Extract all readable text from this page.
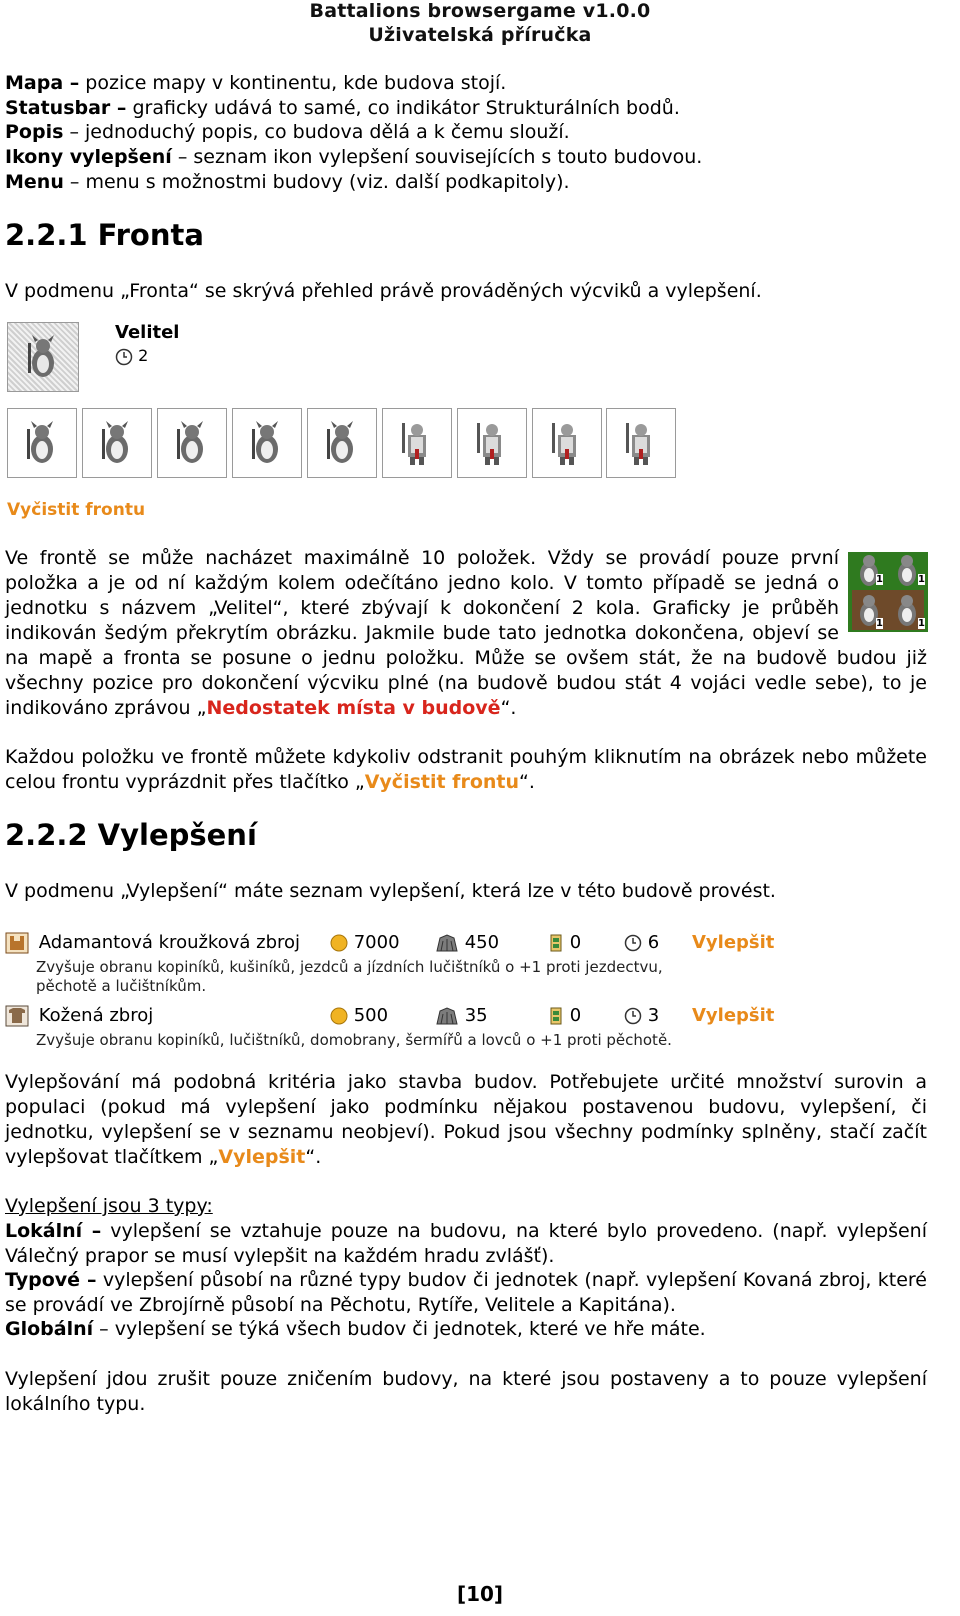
Battalions browsergame v1.0.0
Uživatelská příručka
Mapa – pozice mapy v kontinentu, kde budova stojí.
Statusbar – graficky udává to samé, co indikátor Strukturálních bodů.
Popis – jednoduchý popis, co budova dělá a k čemu slouží.
Ikony vylepšení – seznam ikon vylepšení souvisejících s touto budovou.
Menu – menu s možnostmi budovy (viz. další podkapitoly).
2.2.1 Fronta
V podmenu „Fronta“ se skrývá přehled právě prováděných výcviků a vylepšení.
Velitel
2
Vyčistit frontu
1	1
1	1
Ve frontě se může nacházet maximálně 10 položek. Vždy se provádí pouze první položka a je od ní každým kolem odečítáno jedno kolo. V tomto případě se jedná o jednotku s názvem „Velitel“, které zbývají k dokončení 2 kola. Graficky je průběh indikován šedým překrytím obrázku. Jakmile bude tato jednotka dokončena, objeví se na mapě a fronta se posune o jednu položku. Může se ovšem stát, že na budově budou již všechny pozice pro dokončení výcviku plné (na budově budou stát 4 vojáci vedle sebe), to je indikováno zprávou „Nedostatek místa v budově“.
Každou položku ve frontě můžete kdykoliv odstranit pouhým kliknutím na obrázek nebo můžete celou frontu vyprázdnit přes tlačítko „Vyčistit frontu“.
2.2.2 Vylepšení
V podmenu „Vylepšení“ máte seznam vylepšení, která lze v této budově provést.
Adamantová kroužková zbroj	7000	450	0	6 Vylepšit
Zvyšuje obranu kopiníků, kušiníků, jezdců a jízdních lučištníků o +1 proti jezdectvu,
pěchotě a lučištníkům.
Kožená zbroj	500	35	0	3 Vylepšit
Zvyšuje obranu kopiníků, lučištníků, domobrany, šermířů a lovců o +1 proti pěchotě.
Vylepšování má podobná kritéria jako stavba budov. Potřebujete určité množství surovin a populaci (pokud má vylepšení jako podmínku nějakou postavenou budovu, vylepšení, či jednotku, vylepšení se v seznamu neobjeví). Pokud jsou všechny podmínky splněny, stačí začít vylepšovat tlačítkem „Vylepšit“.
Vylepšení jsou 3 typy:
Lokální – vylepšení se vztahuje pouze na budovu, na které bylo provedeno. (např. vylepšení Válečný prapor se musí vylepšit na každém hradu zvlášť).
Typové – vylepšení působí na různé typy budov či jednotek (např. vylepšení Kovaná zbroj, které se provádí ve Zbrojírně působí na Pěchotu, Rytíře, Velitele a Kapitána).
Globální – vylepšení se týká všech budov či jednotek, které ve hře máte.
Vylepšení jdou zrušit pouze zničením budovy, na které jsou postaveny a to pouze vylepšení lokálního typu.
[10]
